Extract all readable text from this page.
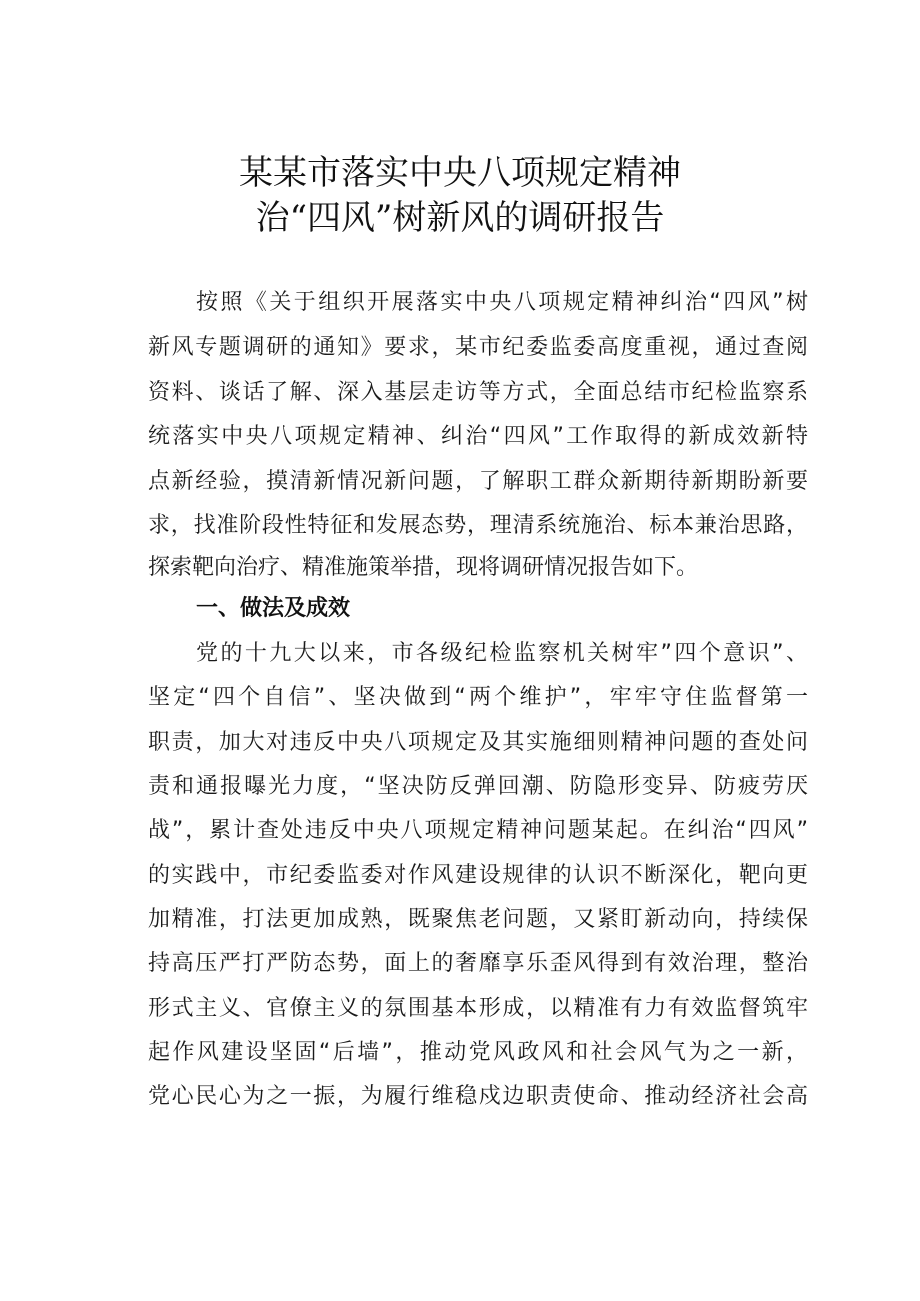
某某市落实中央八项规定精神
治“四风”树新风的调研报告
按照《关于组织开展落实中央八项规定精神纠治“四风”树
新风专题调研的通知》要求，某市纪委监委高度重视，通过查阅
资料、谈话了解、深入基层走访等方式，全面总结市纪检监察系
统落实中央八项规定精神、纠治“四风”工作取得的新成效新特
点新经验，摸清新情况新问题，了解职工群众新期待新期盼新要
求，找准阶段性特征和发展态势，理清系统施治、标本兼治思路，
探索靶向治疗、精准施策举措，现将调研情况报告如下。
一、做法及成效
党的十九大以来，市各级纪检监察机关树牢”四个意识”、
坚定“四个自信”、坚决做到“两个维护”，牢牢守住监督第一
职责，加大对违反中央八项规定及其实施细则精神问题的查处问
责和通报曝光力度，“坚决防反弹回潮、防隐形变异、防疲劳厌
战”，累计查处违反中央八项规定精神问题某起。在纠治“四风”
的实践中，市纪委监委对作风建设规律的认识不断深化，靶向更
加精准，打法更加成熟，既聚焦老问题，又紧盯新动向，持续保
持高压严打严防态势，面上的奢靡享乐歪风得到有效治理，整治
形式主义、官僚主义的氛围基本形成，以精准有力有效监督筑牢
起作风建设坚固“后墙”，推动党风政风和社会风气为之一新，
党心民心为之一振，为履行维稳戍边职责使命、推动经济社会高
